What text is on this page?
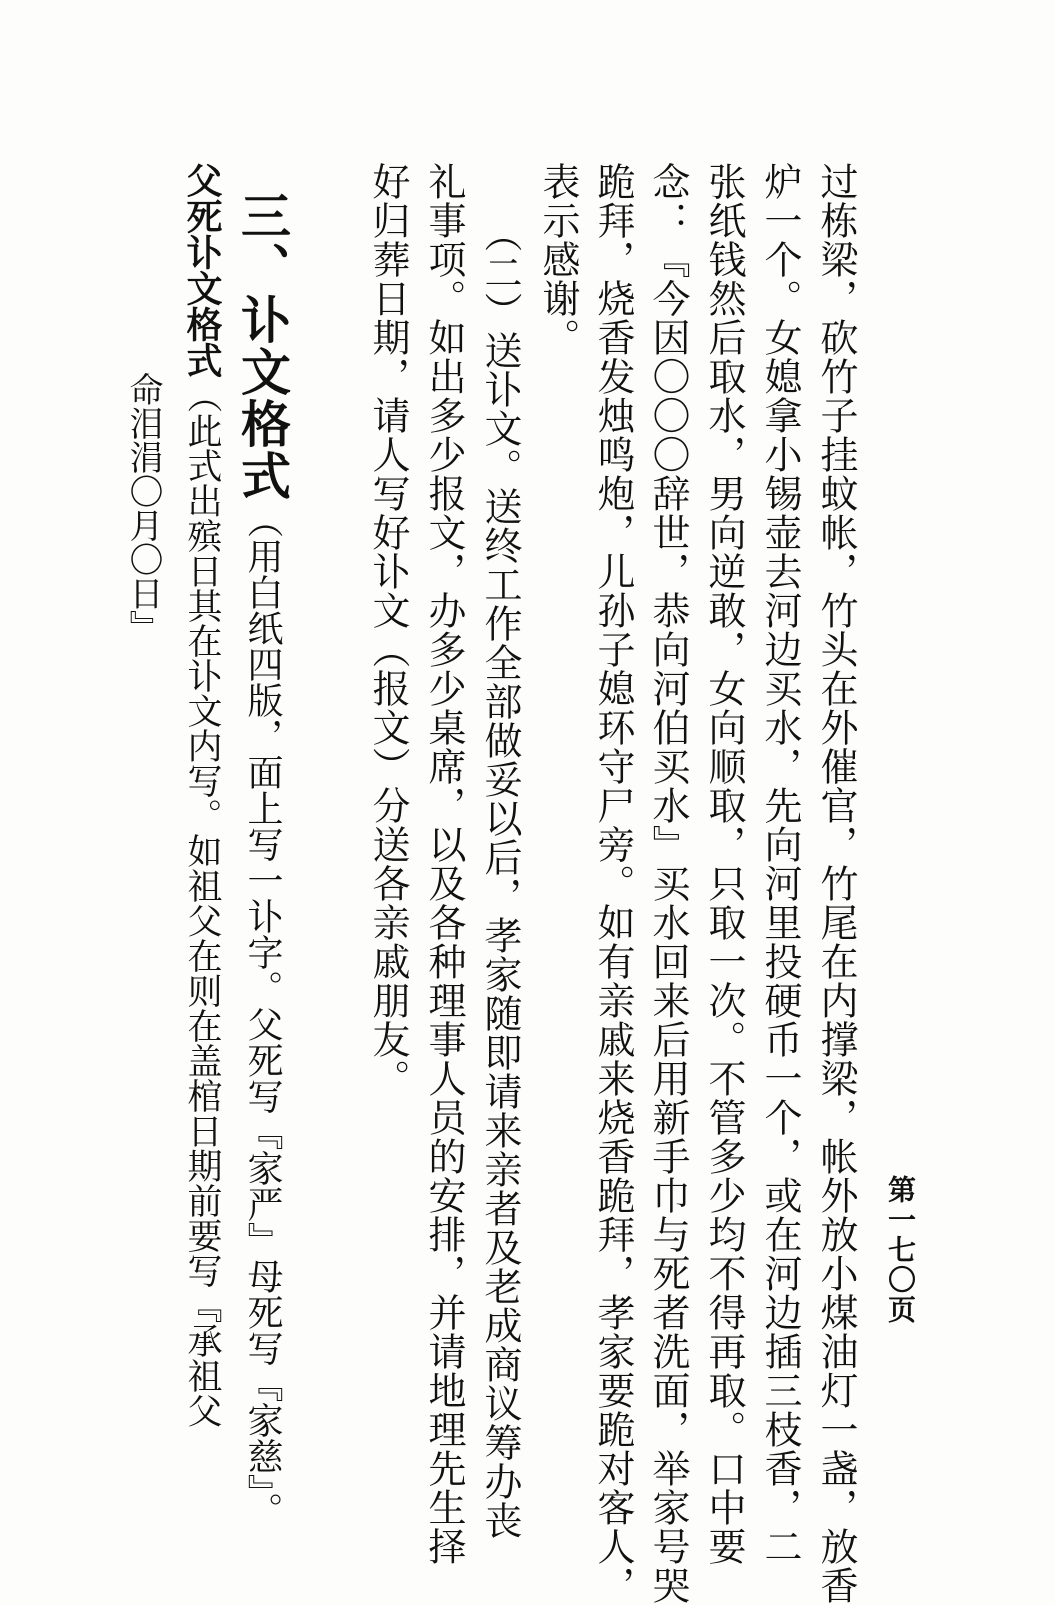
第一七〇页
过栋梁，砍竹子挂蚊帐，竹头在外催官，竹尾在内撑梁，帐外放小煤油灯一盏，放香
炉一个。女媳拿小锡壶去河边买水，先向河里投硬币一个，或在河边插三枝香，二
张纸钱然后取水，男向逆敢，女向顺取，只取一次。不管多少均不得再取。口中要
念：『今因〇〇〇辞世，恭向河伯买水』买水回来后用新手巾与死者洗面，举家号哭
跪拜，烧香发烛鸣炮，儿孙子媳环守尸旁。如有亲戚来烧香跪拜，孝家要跪对客人，
表示感谢。
（二）送讣文。送终工作全部做妥以后，孝家随即请来亲者及老成商议筹办丧
礼事项。如出多少报文，办多少桌席，以及各种理事人员的安排，并请地理先生择
好归葬日期，请人写好讣文（报文）分送各亲戚朋友。
三、讣文格式（用白纸四版，面上写一讣字。父死写『家严』母死写『家慈』。
父死讣文格式（此式出殡日其在讣文内写。如祖父在则在盖棺日期前要写『承祖父
命泪涓〇月〇日』
